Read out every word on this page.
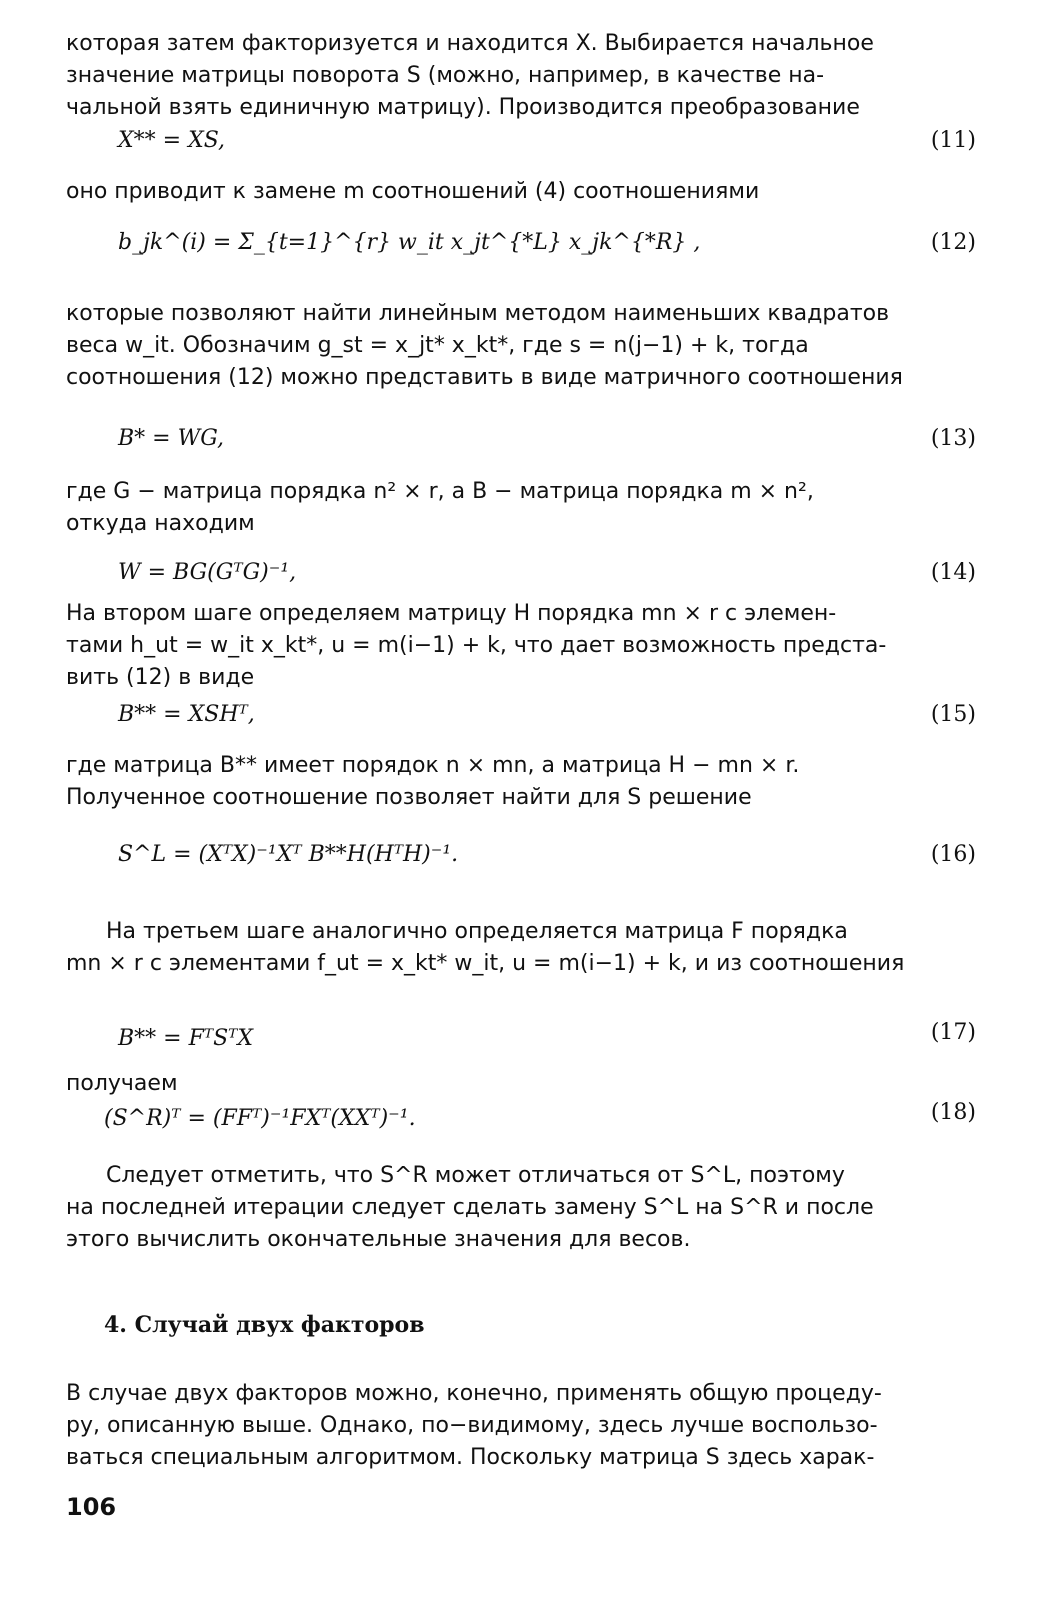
которая затем факторизуется и находится X. Выбирается начальное
значение матрицы поворота S (можно, например, в качестве на-
чальной взять единичную матрицу). Производится преобразование
X** = XS,	(11)
оно приводит к замене m соотношений (4) соотношениями
b_jk^(i) = Σ_{t=1}^{r} w_it x_jt^{*L} x_jk^{*R} ,	(12)
которые позволяют найти линейным методом наименьших квадратов
веса w_it. Обозначим g_st = x_jt* x_kt*, где s = n(j−1) + k, тогда
соотношения (12) можно представить в виде матричного соотношения
B* = WG,	(13)
где G − матрица порядка n² × r, а B − матрица порядка m × n²,
откуда находим
W = BG(GᵀG)⁻¹,	(14)
На втором шаге определяем матрицу H порядка mn × r с элемен-
тами h_ut = w_it x_kt*, u = m(i−1) + k, что дает возможность предста-
вить (12) в виде
B** = XSHᵀ,	(15)
где матрица B** имеет порядок n × mn, а матрица H − mn × r.
Полученное соотношение позволяет найти для S решение
S^L = (XᵀX)⁻¹Xᵀ B**H(HᵀH)⁻¹.	(16)
На третьем шаге аналогично определяется матрица F порядка
mn × r с элементами f_ut = x_kt* w_it, u = m(i−1) + k, и из соотношения
B** = FᵀSᵀX	(17)
получаем
(S^R)ᵀ = (FFᵀ)⁻¹FXᵀ(XXᵀ)⁻¹.	(18)
Следует отметить, что S^R может отличаться от S^L, поэтому
на последней итерации следует сделать замену S^L на S^R и после
этого вычислить окончательные значения для весов.
4. Случай двух факторов
В случае двух факторов можно, конечно, применять общую процеду-
ру, описанную выше. Однако, по−видимому, здесь лучше воспользо-
ваться специальным алгоритмом. Поскольку матрица S здесь харак-
106
